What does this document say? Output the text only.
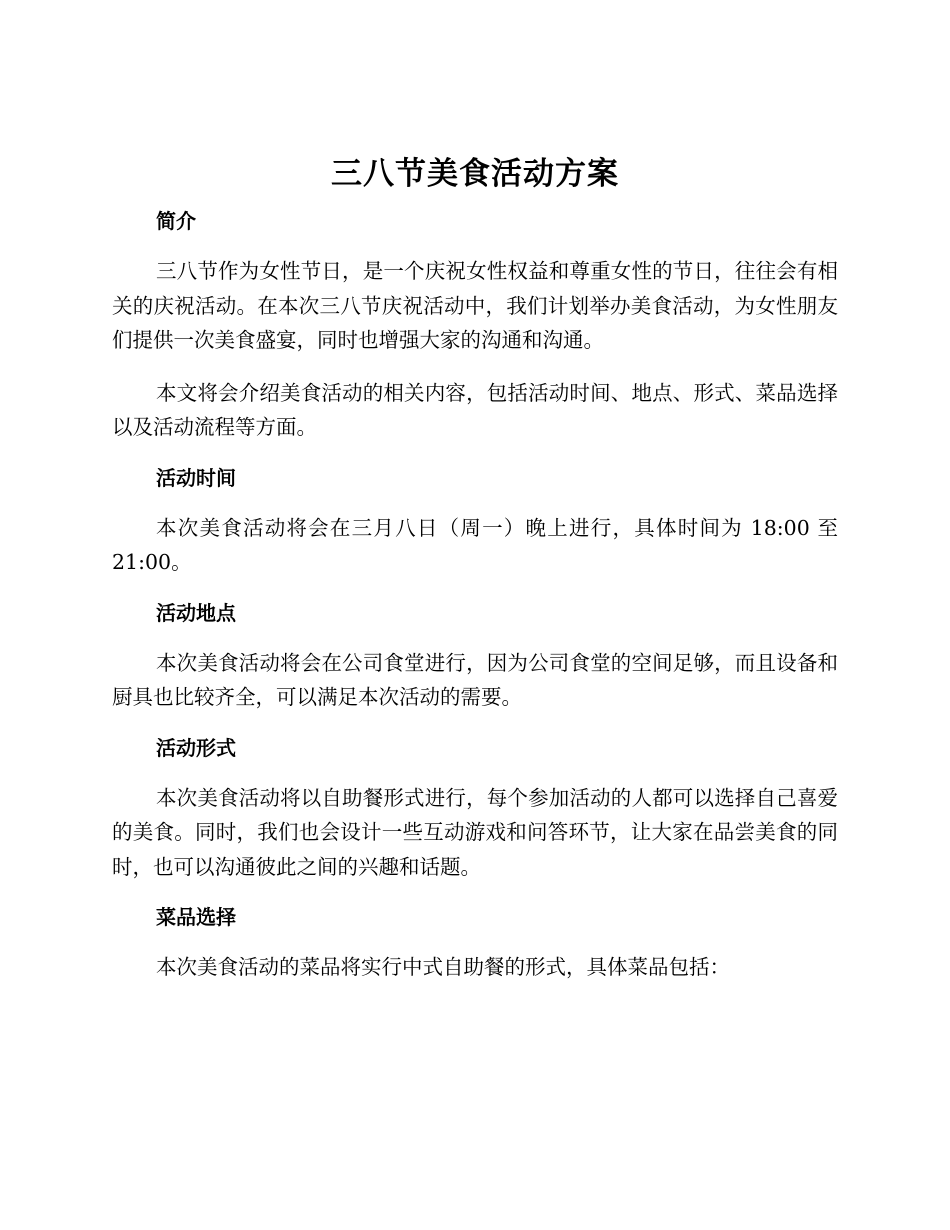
三八节美食活动方案
简介

三八节作为女性节日，是一个庆祝女性权益和尊重女性的节日，往往会有相关的庆祝活动。在本次三八节庆祝活动中，我们计划举办美食活动，为女性朋友们提供一次美食盛宴，同时也增强大家的沟通和沟通。

本文将会介绍美食活动的相关内容，包括活动时间、地点、形式、菜品选择以及活动流程等方面。

活动时间

本次美食活动将会在三月八日（周一）晚上进行，具体时间为 18:00 至 21:00。

活动地点

本次美食活动将会在公司食堂进行，因为公司食堂的空间足够，而且设备和厨具也比较齐全，可以满足本次活动的需要。

活动形式

本次美食活动将以自助餐形式进行，每个参加活动的人都可以选择自己喜爱的美食。同时，我们也会设计一些互动游戏和问答环节，让大家在品尝美食的同时，也可以沟通彼此之间的兴趣和话题。

菜品选择

本次美食活动的菜品将实行中式自助餐的形式，具体菜品包括：
